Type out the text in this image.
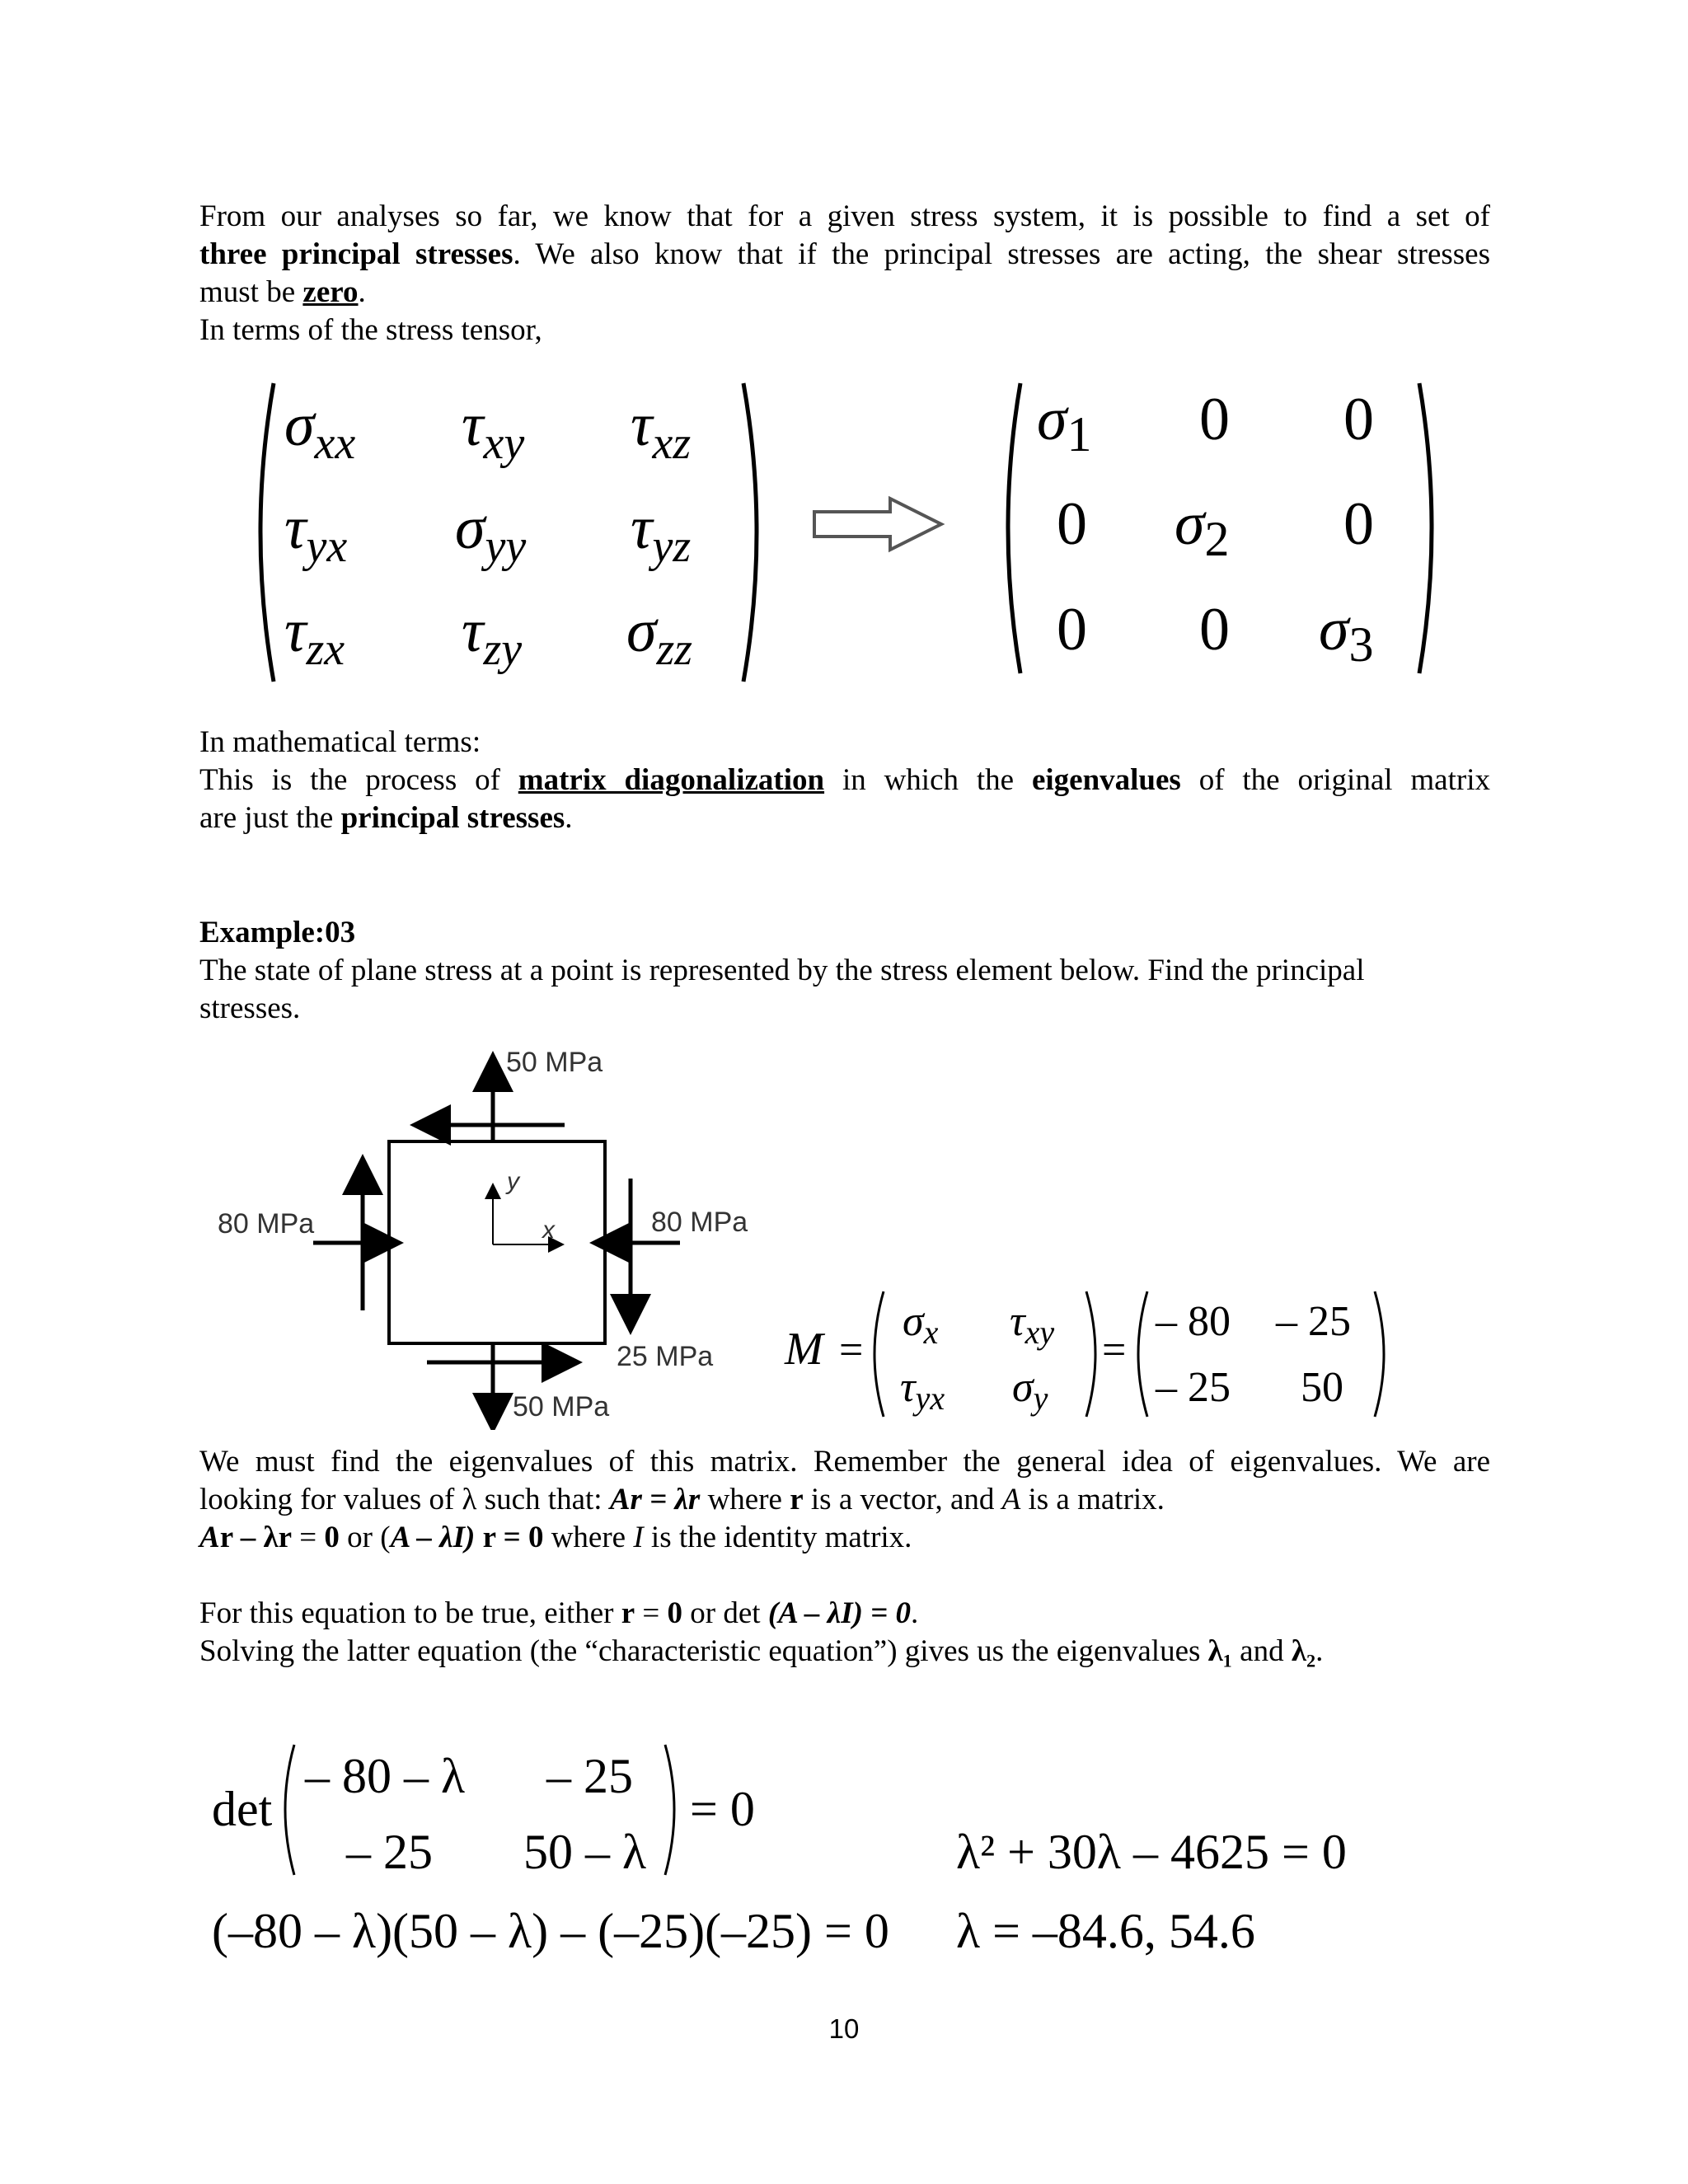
From our analyses so far, we know that for a given stress system, it is possible to find a set of
three principal stresses. We also know that if the principal stresses are acting, the shear stresses
must be zero.
In terms of the stress tensor,
$\sigma_{xx}$ $\tau_{xy}$ $\tau_{xz}$
$\tau_{yx}$ $\sigma_{yy}$ $\tau_{yz}$
$\tau_{zx}$ $\tau_{zy}$ $\sigma_{zz}$
σ1 0 0
0 σ2 0
0 0 σ3
In mathematical terms:
This is the process of matrix diagonalization in which the eigenvalues of the original matrix
are just the principal stresses.
Example:03
The state of plane stress at a point is represented by the stress element below. Find the principal
stresses.
50 MPa
50 MPa
80 MPa	80 MPa
25 MPa
y
x
M =
σx τxy
τyx σy
=
– 80 – 25
– 25 50
We must find the eigenvalues of this matrix. Remember the general idea of eigenvalues. We are
looking for values of λ such that: Ar = λr where r is a vector, and A is a matrix.
Ar – λr = 0 or (A – λI) r = 0 where I is the identity matrix.
For this equation to be true, either r = 0 or det (A – λI) = 0.
Solving the latter equation (the “characteristic equation”) gives us the eigenvalues λ₁ and λ₂.
det
– 80 – λ – 25
– 25 50 – λ
= 0
λ² + 30λ – 4625 = 0
(–80 – λ)(50 – λ) – (–25)(–25) = 0 λ = –84.6, 54.6
10
